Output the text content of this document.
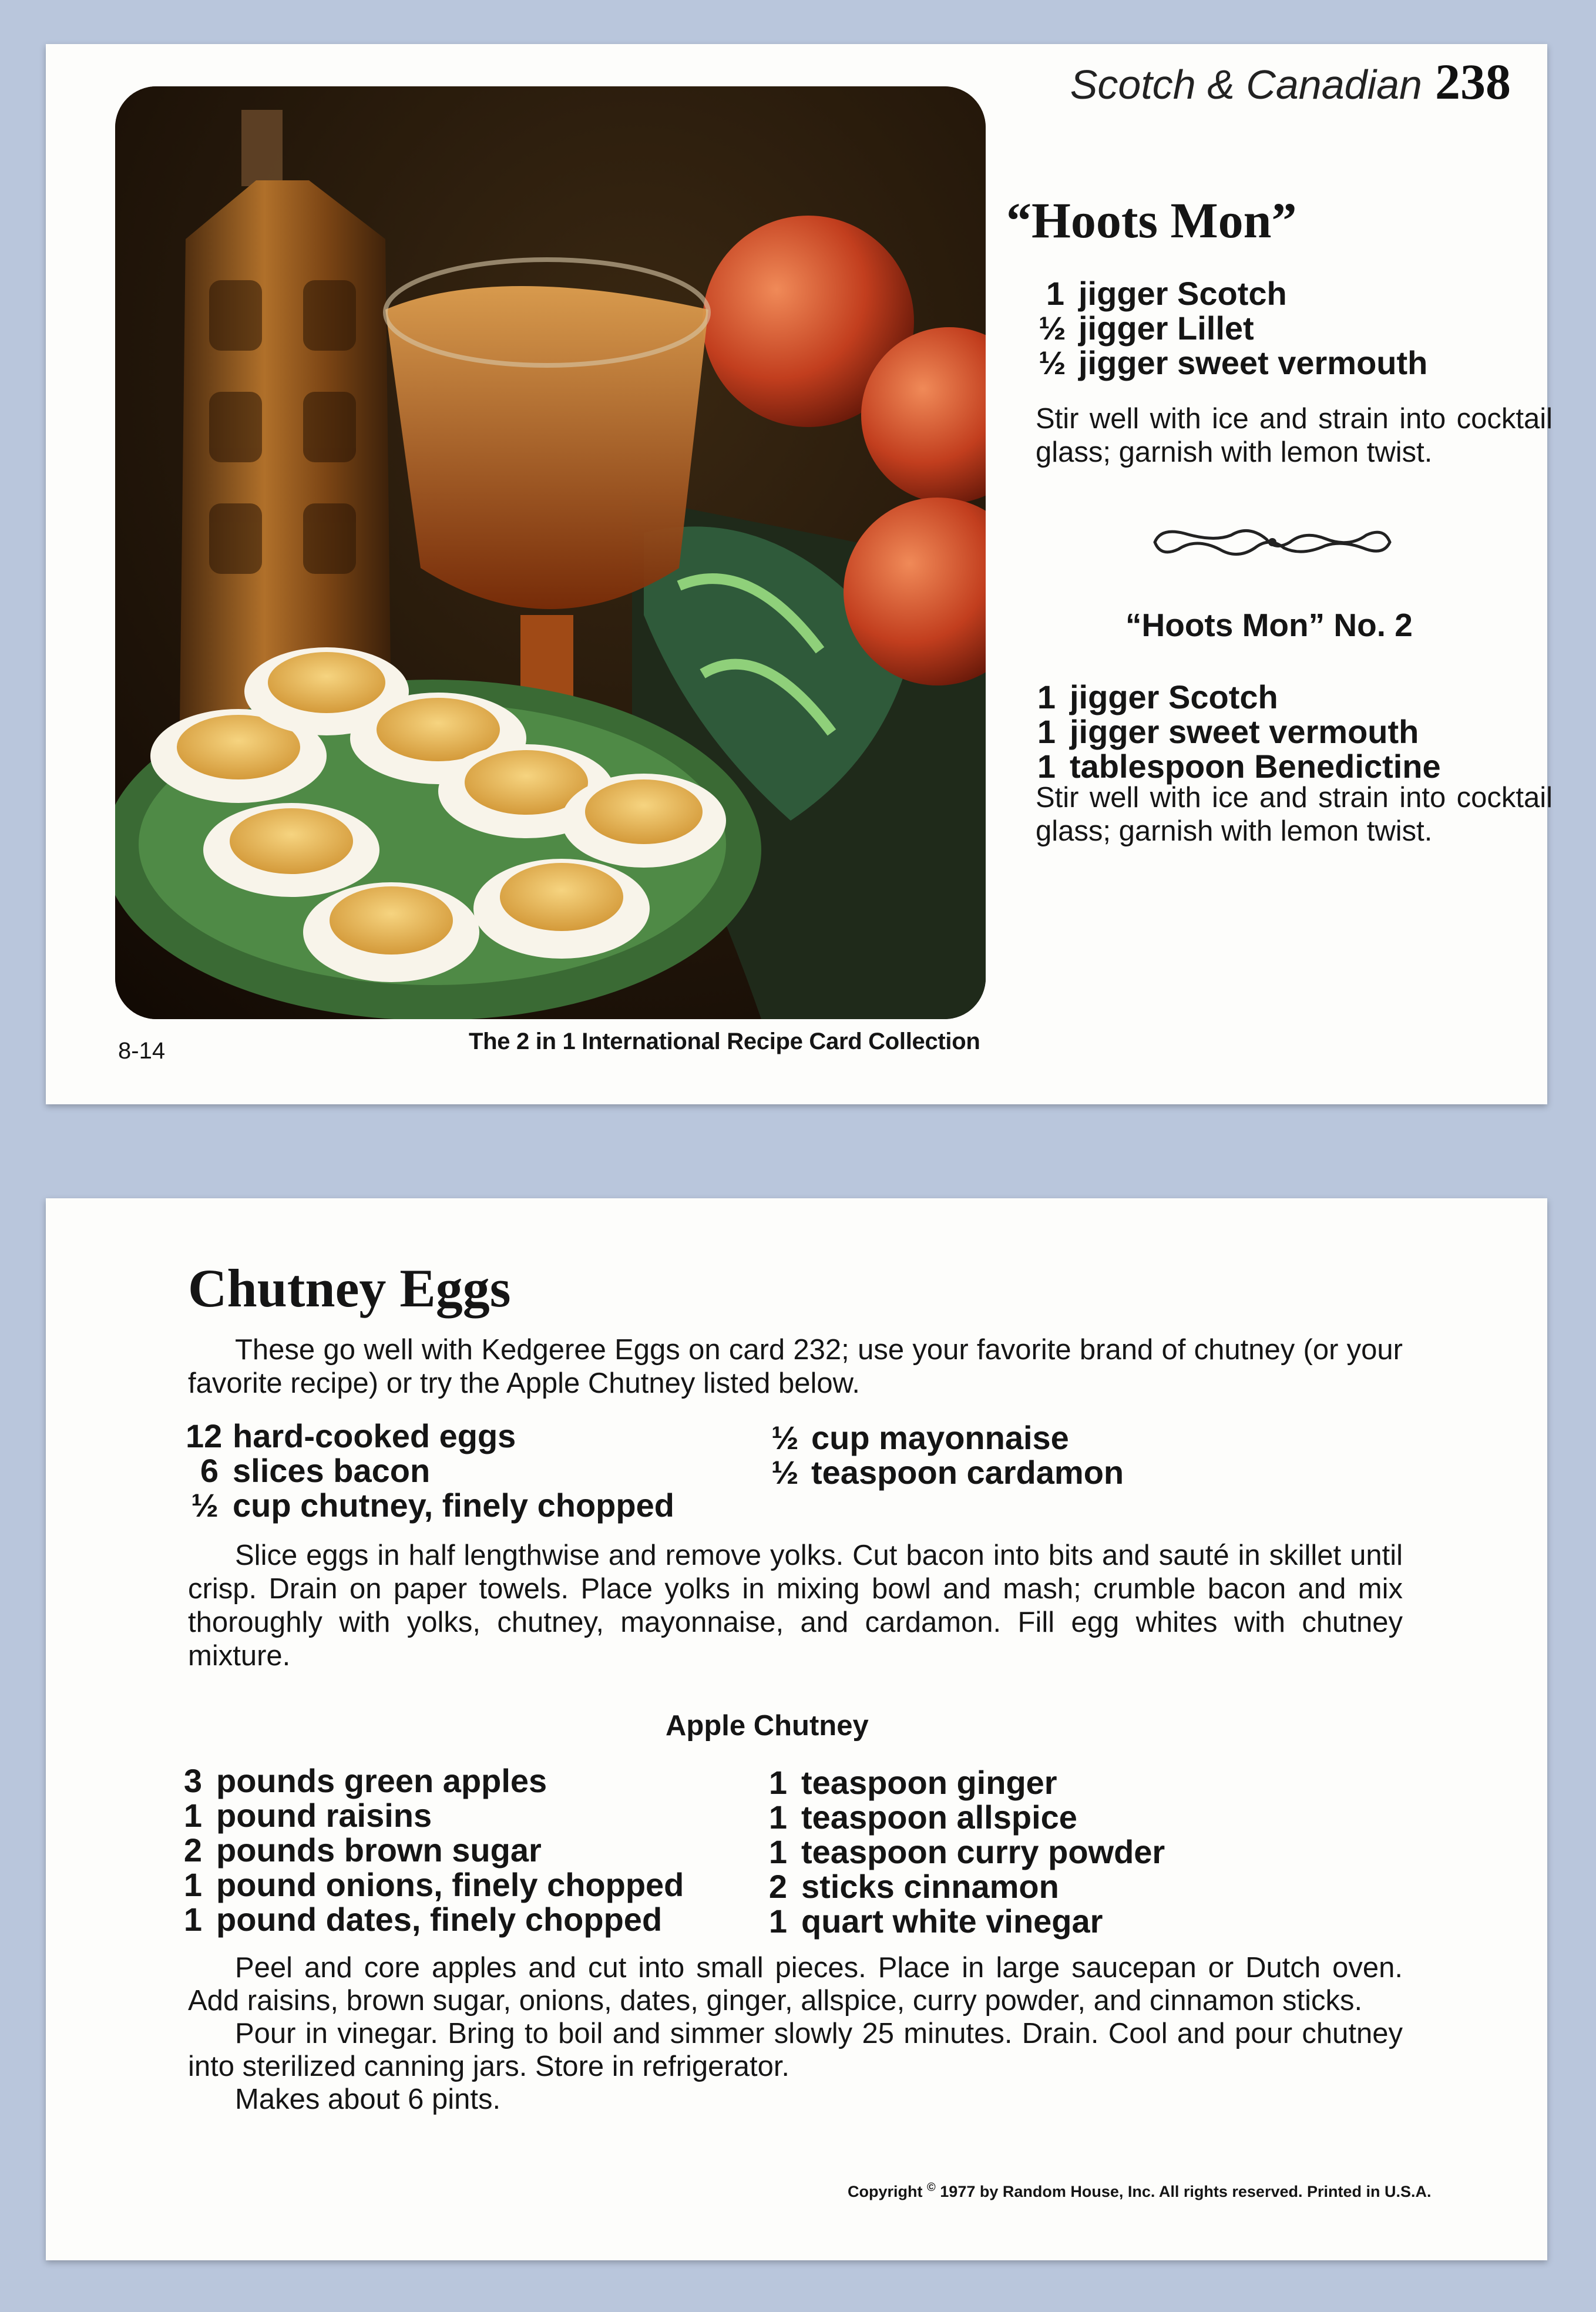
Scotch & Canadian 238
“Hoots Mon”
1 jigger Scotch
½ jigger Lillet
½ jigger sweet vermouth
Stir well with ice and strain into cocktail glass; garnish with lemon twist.
“Hoots Mon” No. 2
1 jigger Scotch
1 jigger sweet vermouth
1 tablespoon Benedictine
Stir well with ice and strain into cocktail glass; garnish with lemon twist.
8-14	The 2 in 1 International Recipe Card Collection
Chutney Eggs
These go well with Kedgeree Eggs on card 232; use your favorite brand of chutney (or your favorite recipe) or try the Apple Chutney listed below.
12 hard-cooked eggs
6 slices bacon
½ cup chutney, finely chopped
½ cup mayonnaise
½ teaspoon cardamon
Slice eggs in half lengthwise and remove yolks. Cut bacon into bits and sauté in skillet until crisp. Drain on paper towels. Place yolks in mixing bowl and mash; crumble bacon and mix thoroughly with yolks, chutney, mayonnaise, and cardamon. Fill egg whites with chutney mixture.
Apple Chutney
3 pounds green apples
1 pound raisins
2 pounds brown sugar
1 pound onions, finely chopped
1 pound dates, finely chopped
1 teaspoon ginger
1 teaspoon allspice
1 teaspoon curry powder
2 sticks cinnamon
1 quart white vinegar

Peel and core apples and cut into small pieces. Place in large saucepan or Dutch oven. Add raisins, brown sugar, onions, dates, ginger, allspice, curry powder, and cinnamon sticks.

Pour in vinegar. Bring to boil and simmer slowly 25 minutes. Drain. Cool and pour chutney into sterilized canning jars. Store in refrigerator.

Makes about 6 pints.

Copyright © 1977 by Random House, Inc. All rights reserved. Printed in U.S.A.
